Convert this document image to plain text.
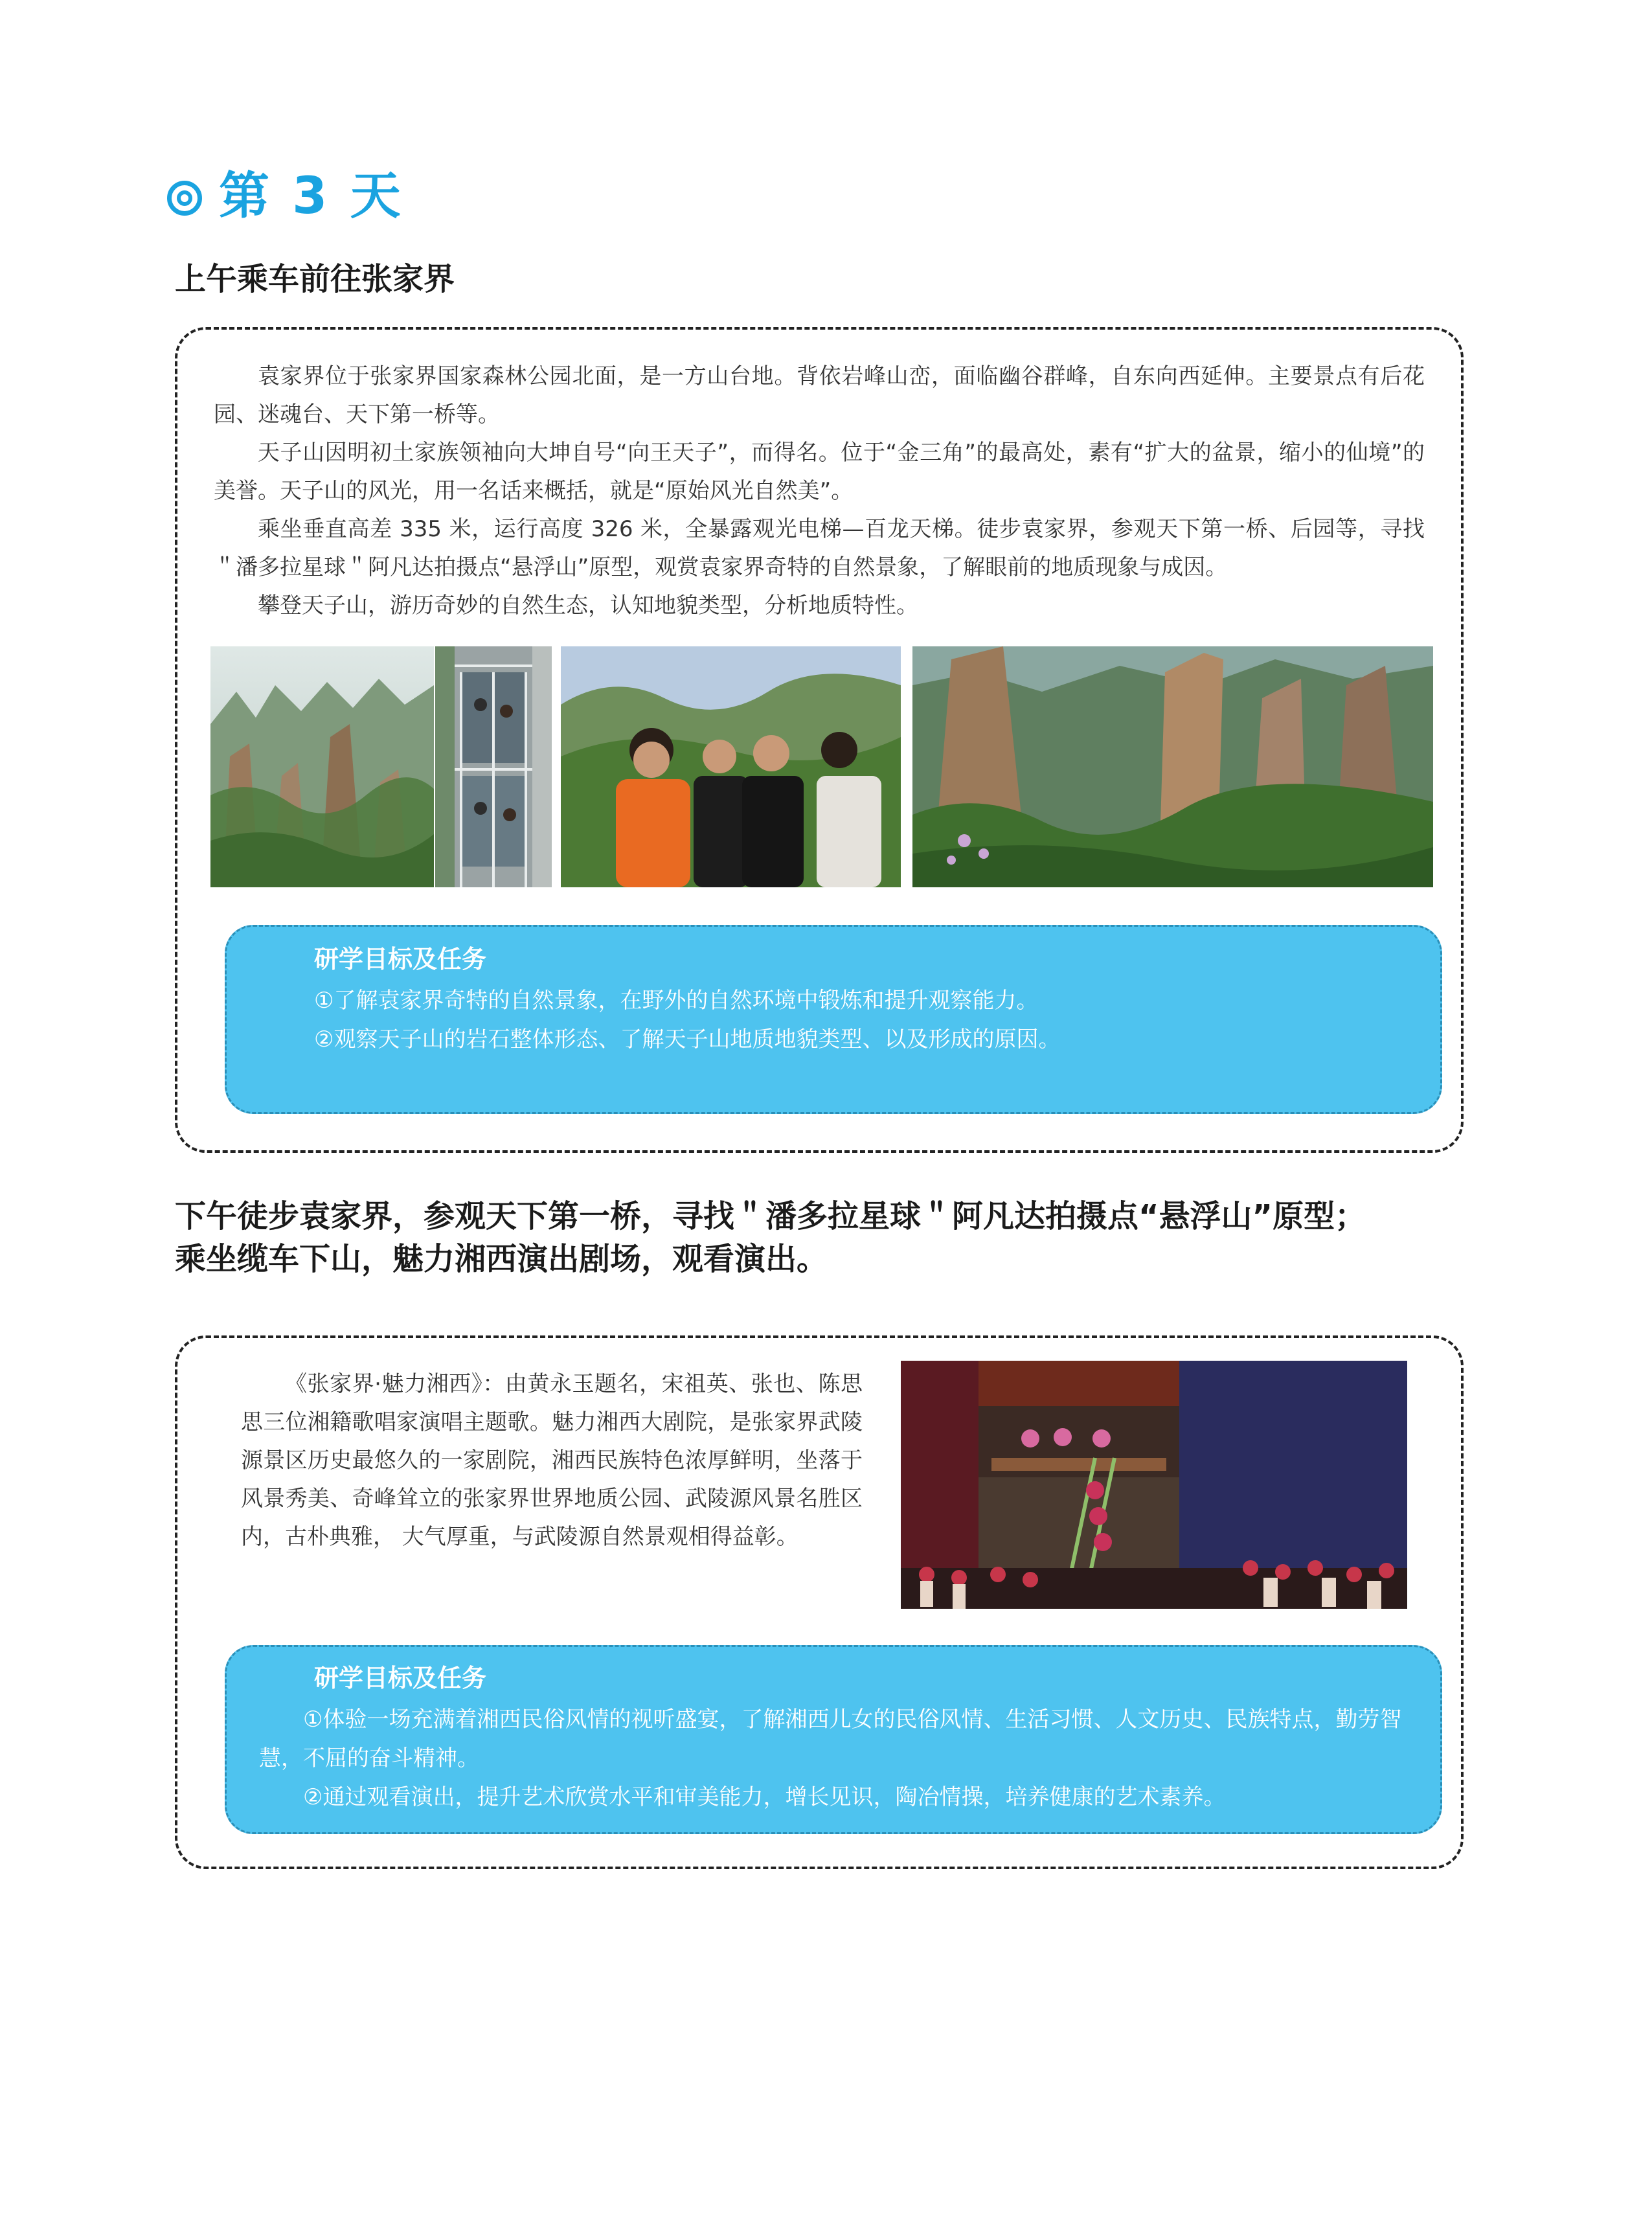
第 3 天
上午乘车前往张家界

袁家界位于张家界国家森林公园北面，是一方山台地。背依岩峰山峦，面临幽谷群峰，自东向西延伸。主要景点有后花园、迷魂台、天下第一桥等。

天子山因明初土家族领袖向大坤自号“向王天子”，而得名。位于“金三角”的最高处，素有“扩大的盆景，缩小的仙境”的美誉。天子山的风光，用一名话来概括，就是“原始风光自然美”。

乘坐垂直高差 335 米，运行高度 326 米，全暴露观光电梯—百龙天梯。徒步袁家界，参观天下第一桥、后园等，寻找＂潘多拉星球＂阿凡达拍摄点“悬浮山”原型，观赏袁家界奇特的自然景象，了解眼前的地质现象与成因。

攀登天子山，游历奇妙的自然生态，认知地貌类型，分析地质特性。

研学目标及任务
①了解袁家界奇特的自然景象，在野外的自然环境中锻炼和提升观察能力。
②观察天子山的岩石整体形态、了解天子山地质地貌类型、以及形成的原因。
下午徒步袁家界，参观天下第一桥，寻找＂潘多拉星球＂阿凡达拍摄点“悬浮山”原型；
乘坐缆车下山，魅力湘西演出剧场，观看演出。

《张家界·魅力湘西》：由黄永玉题名，宋祖英、张也、陈思思三位湘籍歌唱家演唱主题歌。魅力湘西大剧院，是张家界武陵源景区历史最悠久的一家剧院，湘西民族特色浓厚鲜明，坐落于风景秀美、奇峰耸立的张家界世界地质公园、武陵源风景名胜区内，古朴典雅， 大气厚重，与武陵源自然景观相得益彰。

研学目标及任务
①体验一场充满着湘西民俗风情的视听盛宴，了解湘西儿女的民俗风情、生活习惯、人文历史、民族特点，勤劳智慧，不屈的奋斗精神。
②通过观看演出，提升艺术欣赏水平和审美能力，增长见识，陶冶情操，培养健康的艺术素养。
